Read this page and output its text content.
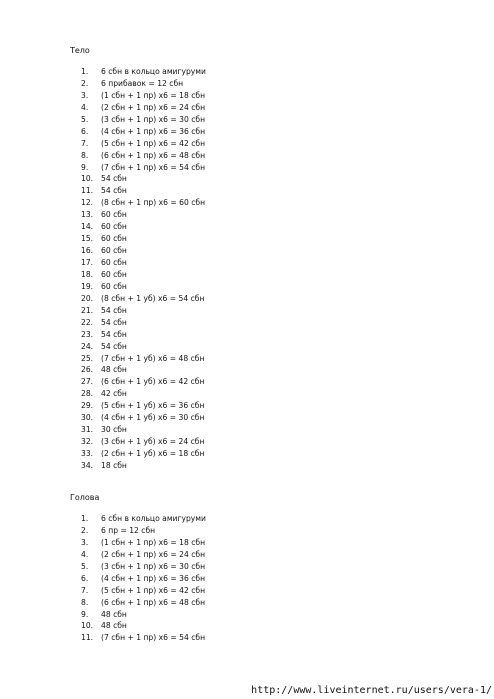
Тело
1.	6 сбн в кольцо амигуруми
2.	6 прибавок = 12 сбн
3.	(1 сбн + 1 пр) х6 = 18 сбн
4.	(2 сбн + 1 пр) х6 = 24 сбн
5.	(3 сбн + 1 пр) х6 = 30 сбн
6.	(4 сбн + 1 пр) х6 = 36 сбн
7.	(5 сбн + 1 пр) х6 = 42 сбн
8.	(6 сбн + 1 пр) х6 = 48 сбн
9.	(7 сбн + 1 пр) х6 = 54 сбн
10.	54 сбн
11.	54 сбн
12.	(8 сбн + 1 пр) х6 = 60 сбн
13.	60 сбн
14.	60 сбн
15.	60 сбн
16.	60 сбн
17.	60 сбн
18.	60 сбн
19.	60 сбн
20.	(8 сбн + 1 уб) х6 = 54 сбн
21.	54 сбн
22.	54 сбн
23.	54 сбн
24.	54 сбн
25.	(7 сбн + 1 уб) х6 = 48 сбн
26.	48 сбн
27.	(6 сбн + 1 уб) х6 = 42 сбн
28.	42 сбн
29.	(5 сбн + 1 уб) х6 = 36 сбн
30.	(4 сбн + 1 уб) х6 = 30 сбн
31.	30 сбн
32.	(3 сбн + 1 уб) х6 = 24 сбн
33.	(2 сбн + 1 уб) х6 = 18 сбн
34.	18 сбн
Голова
1.	6 сбн в кольцо амигуруми
2.	6 пр = 12 сбн
3.	(1 сбн + 1 пр) х6 = 18 сбн
4.	(2 сбн + 1 пр) х6 = 24 сбн
5.	(3 сбн + 1 пр) х6 = 30 сбн
6.	(4 сбн + 1 пр) х6 = 36 сбн
7.	(5 сбн + 1 пр) х6 = 42 сбн
8.	(6 сбн + 1 пр) х6 = 48 сбн
9.	48 сбн
10.	48 сбн
11.	(7 сбн + 1 пр) х6 = 54 сбн
http://www.liveinternet.ru/users/vera-1/
